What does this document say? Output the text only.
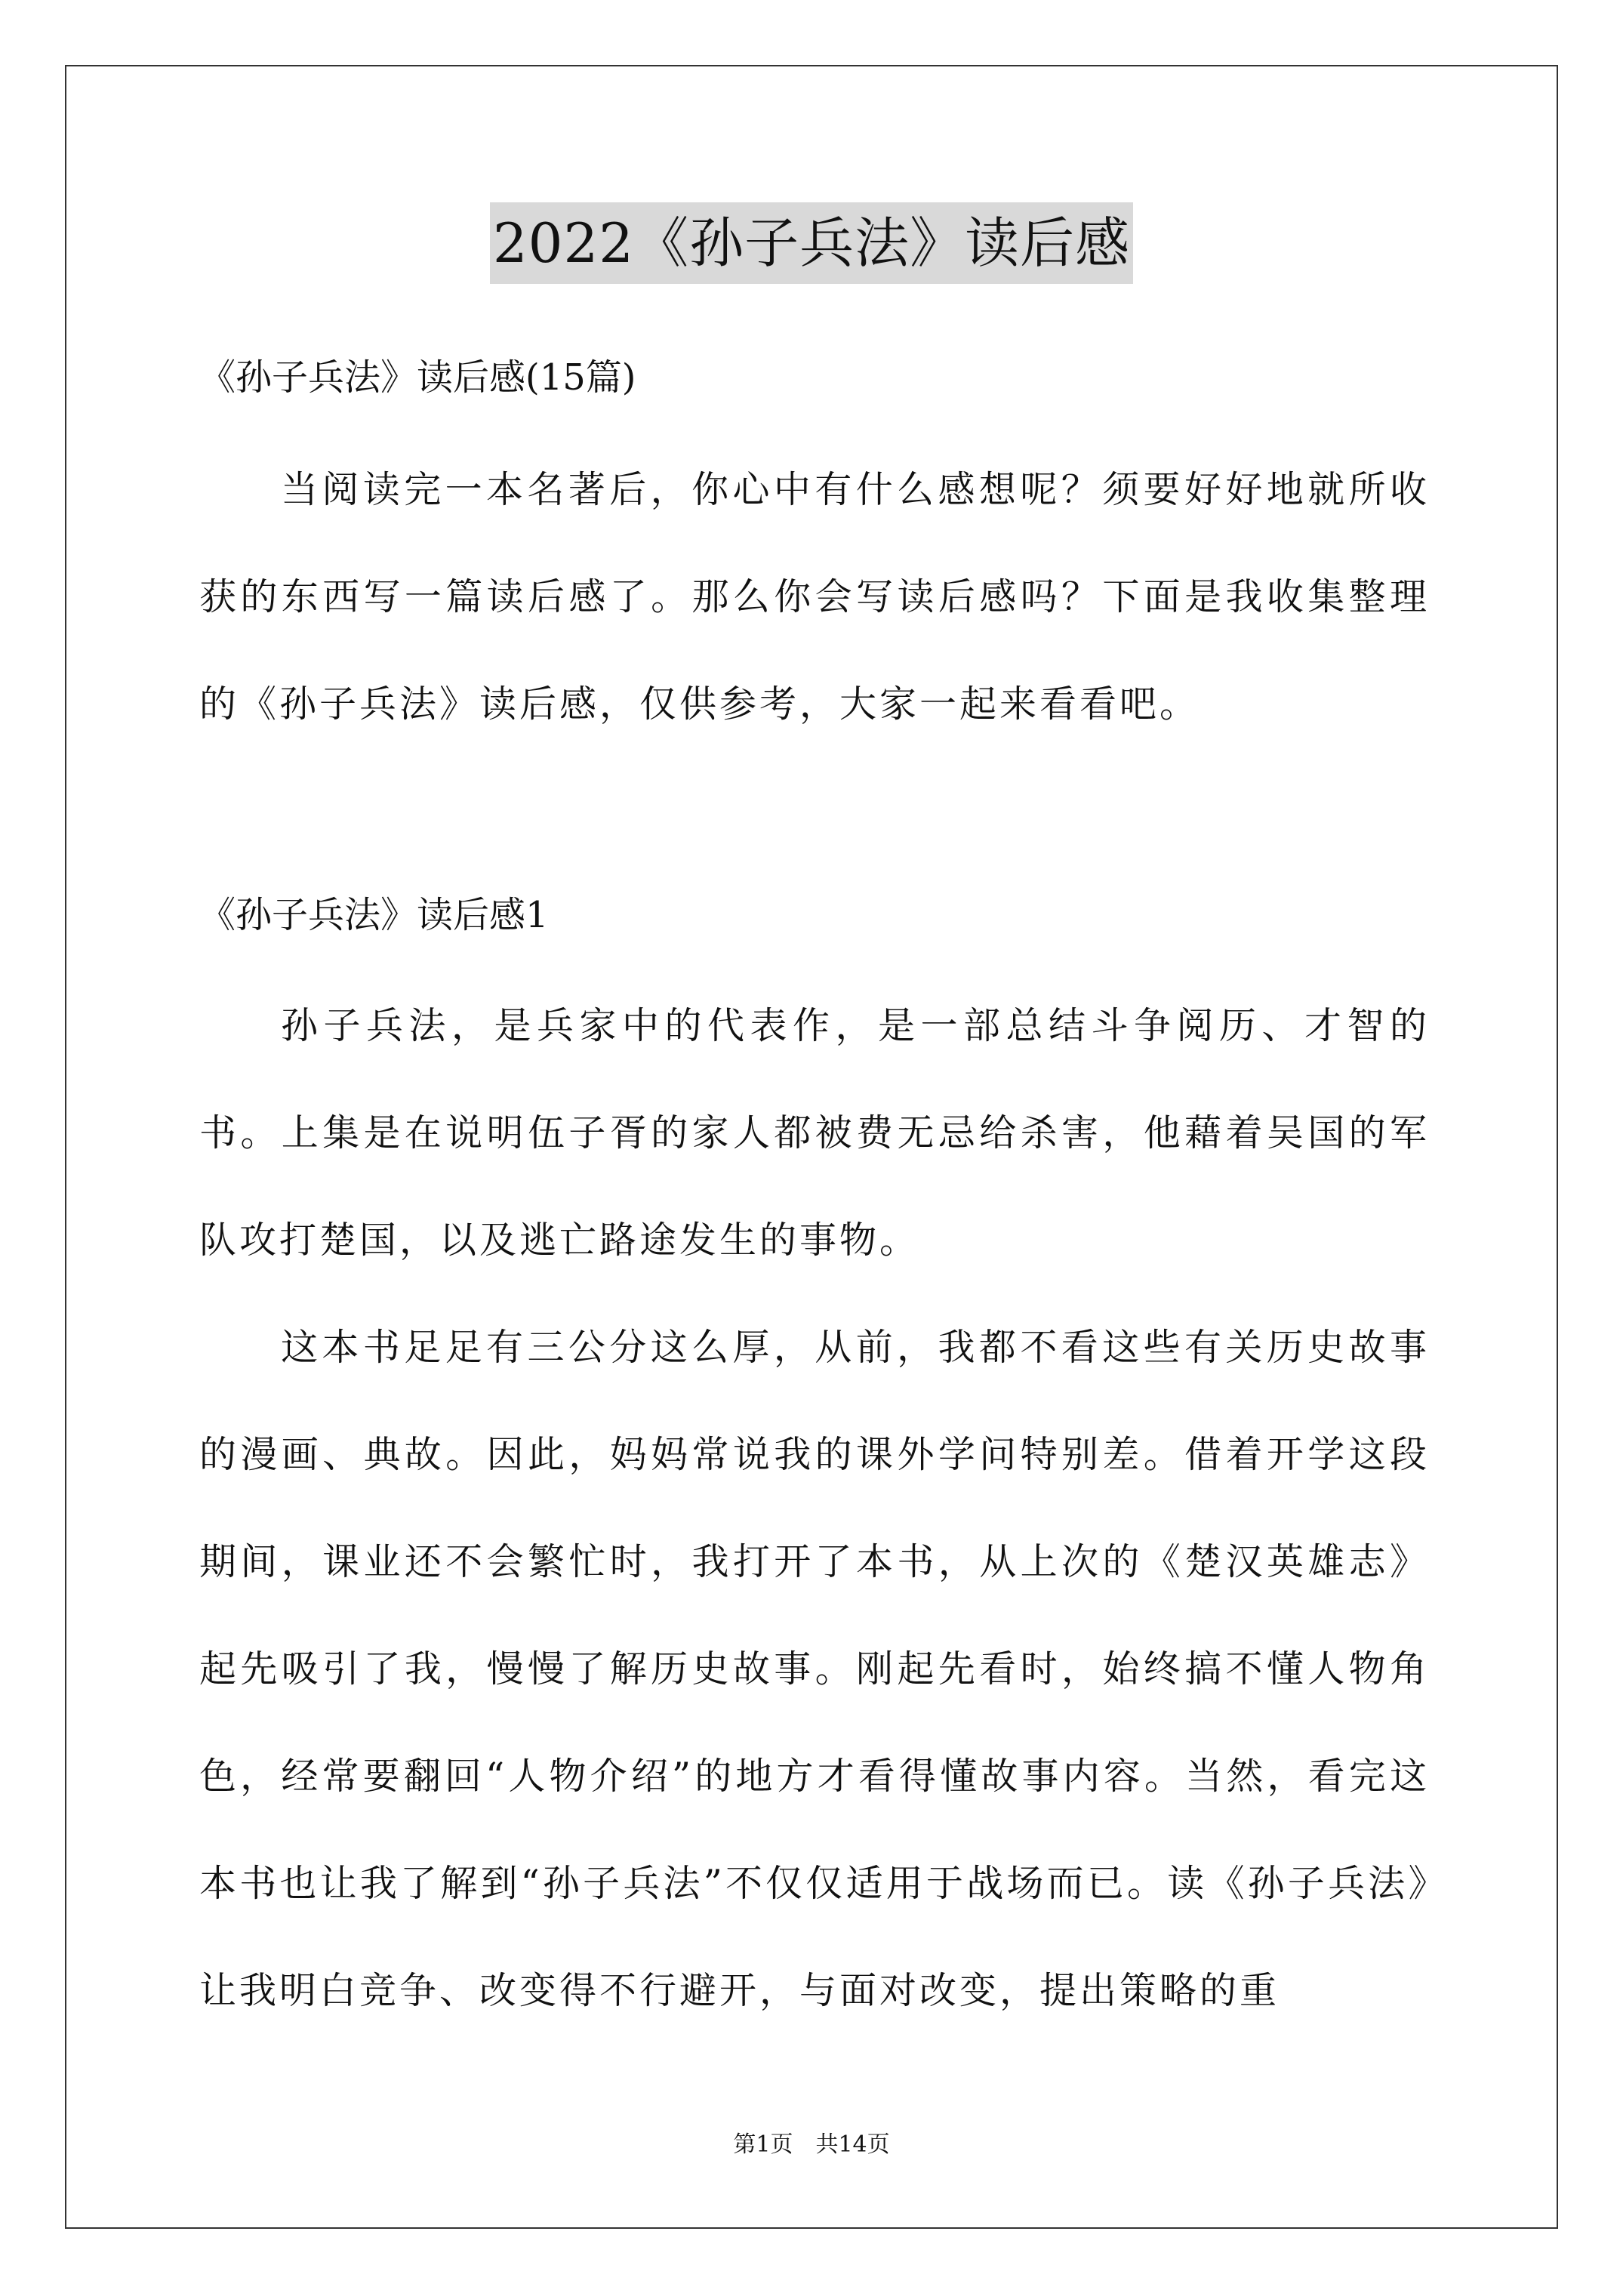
2022《孙子兵法》读后感
《孙子兵法》读后感(15篇)
当阅读完一本名著后，你心中有什么感想呢？须要好好地就所收获的东西写一篇读后感了。那么你会写读后感吗？下面是我收集整理的《孙子兵法》读后感，仅供参考，大家一起来看看吧。
《孙子兵法》读后感1
孙子兵法，是兵家中的代表作，是一部总结斗争阅历、才智的书。上集是在说明伍子胥的家人都被费无忌给杀害，他藉着吴国的军队攻打楚国，以及逃亡路途发生的事物。
这本书足足有三公分这么厚，从前，我都不看这些有关历史故事的漫画、典故。因此，妈妈常说我的课外学问特别差。借着开学这段期间，课业还不会繁忙时，我打开了本书，从上次的《楚汉英雄志》起先吸引了我，慢慢了解历史故事。刚起先看时，始终搞不懂人物角色，经常要翻回“人物介绍”的地方才看得懂故事内容。当然，看完这本书也让我了解到“孙子兵法”不仅仅适用于战场而已。读《孙子兵法》让我明白竞争、改变得不行避开，与面对改变，提出策略的重
第1页　共14页
